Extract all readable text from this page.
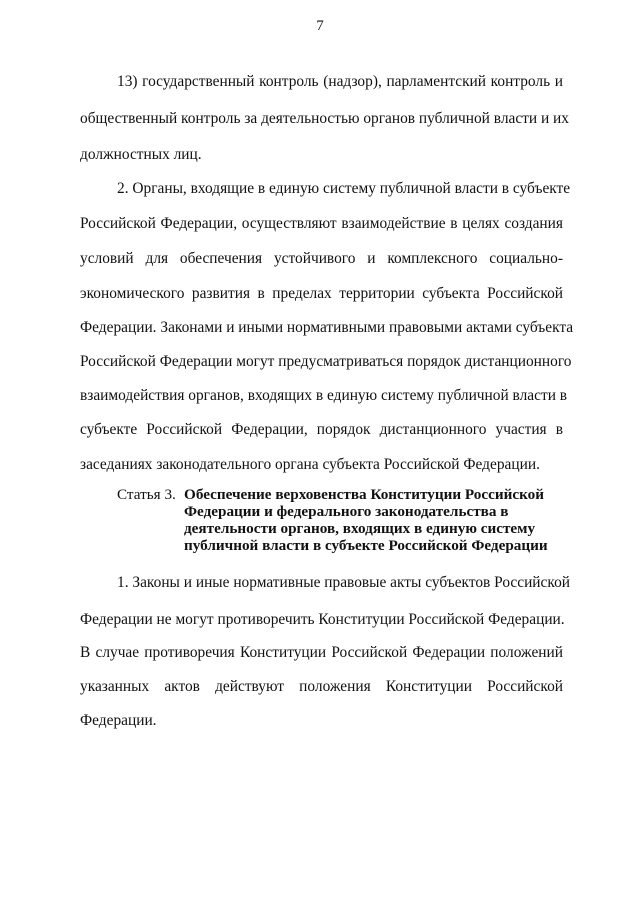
7
13) государственный контроль (надзор), парламентский контроль и
общественный контроль за деятельностью органов публичной власти и их
должностных лиц.
2. Органы, входящие в единую систему публичной власти в субъекте
Российской Федерации, осуществляют взаимодействие в целях создания
условий для обеспечения устойчивого и комплексного социально-
экономического развития в пределах территории субъекта Российской
Федерации. Законами и иными нормативными правовыми актами субъекта
Российской Федерации могут предусматриваться порядок дистанционного
взаимодействия органов, входящих в единую систему публичной власти в
субъекте Российской Федерации, порядок дистанционного участия в
заседаниях законодательного органа субъекта Российской Федерации.
Статья 3. Обеспечение верховенства Конституции Российской
Федерации и федерального законодательства в
деятельности органов, входящих в единую систему
публичной власти в субъекте Российской Федерации
1. Законы и иные нормативные правовые акты субъектов Российской
Федерации не могут противоречить Конституции Российской Федерации.
В случае противоречия Конституции Российской Федерации положений
указанных актов действуют положения Конституции Российской
Федерации.
